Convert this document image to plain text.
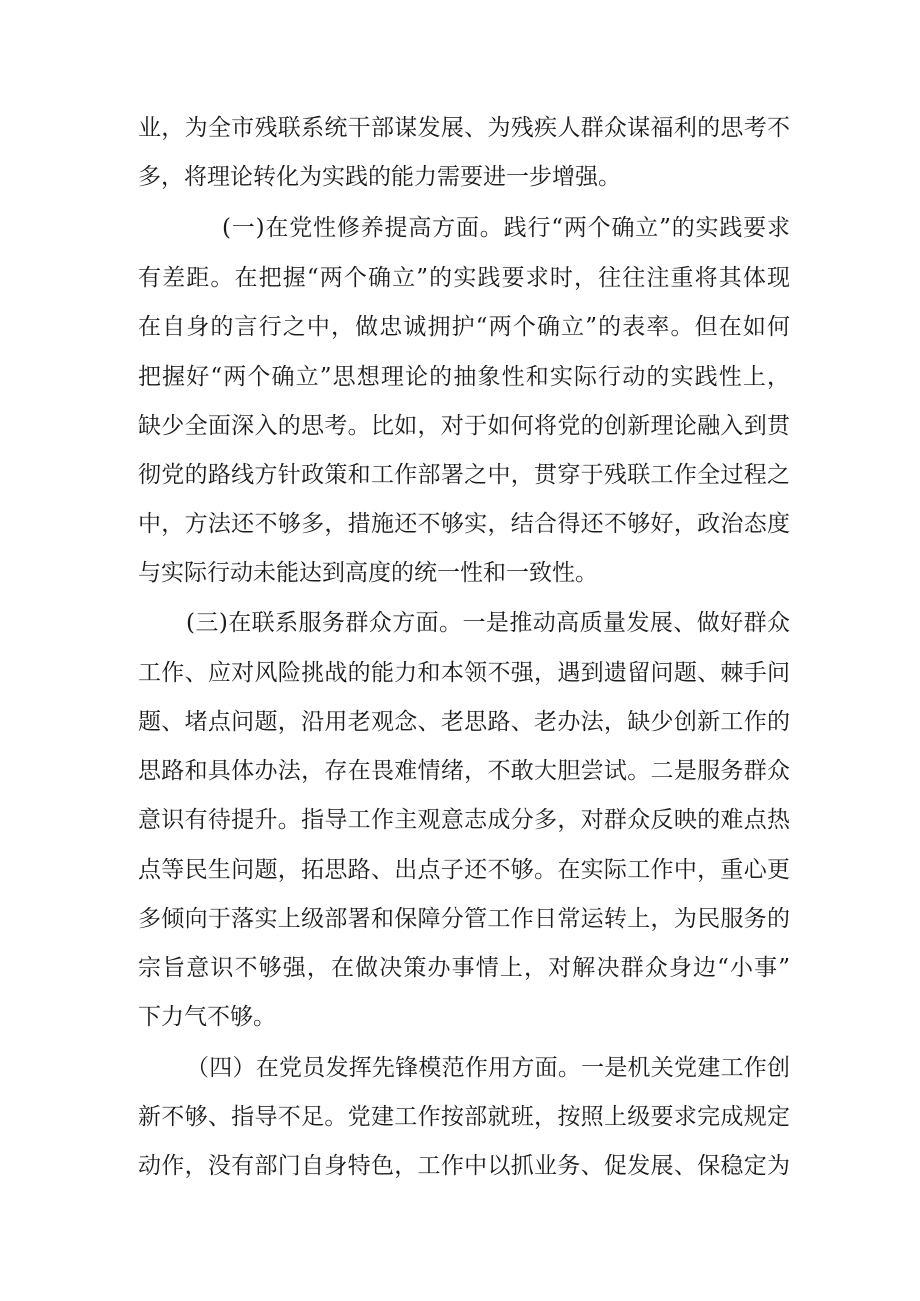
业，为全市残联系统干部谋发展、为残疾人群众谋福利的思考不
多，将理论转化为实践的能力需要进一步增强。
(一)在党性修养提高方面。践行“两个确立”的实践要求
有差距。在把握“两个确立”的实践要求时，往往注重将其体现
在自身的言行之中，做忠诚拥护“两个确立”的表率。但在如何
把握好“两个确立”思想理论的抽象性和实际行动的实践性上，
缺少全面深入的思考。比如，对于如何将党的创新理论融入到贯
彻党的路线方针政策和工作部署之中，贯穿于残联工作全过程之
中，方法还不够多，措施还不够实，结合得还不够好，政治态度
与实际行动未能达到高度的统一性和一致性。
(三)在联系服务群众方面。一是推动高质量发展、做好群众
工作、应对风险挑战的能力和本领不强，遇到遗留问题、棘手问
题、堵点问题，沿用老观念、老思路、老办法，缺少创新工作的
思路和具体办法，存在畏难情绪，不敢大胆尝试。二是服务群众
意识有待提升。指导工作主观意志成分多，对群众反映的难点热
点等民生问题，拓思路、出点子还不够。在实际工作中，重心更
多倾向于落实上级部署和保障分管工作日常运转上，为民服务的
宗旨意识不够强，在做决策办事情上，对解决群众身边“小事”
下力气不够。
（四）在党员发挥先锋模范作用方面。一是机关党建工作创
新不够、指导不足。党建工作按部就班，按照上级要求完成规定
动作，没有部门自身特色，工作中以抓业务、促发展、保稳定为
